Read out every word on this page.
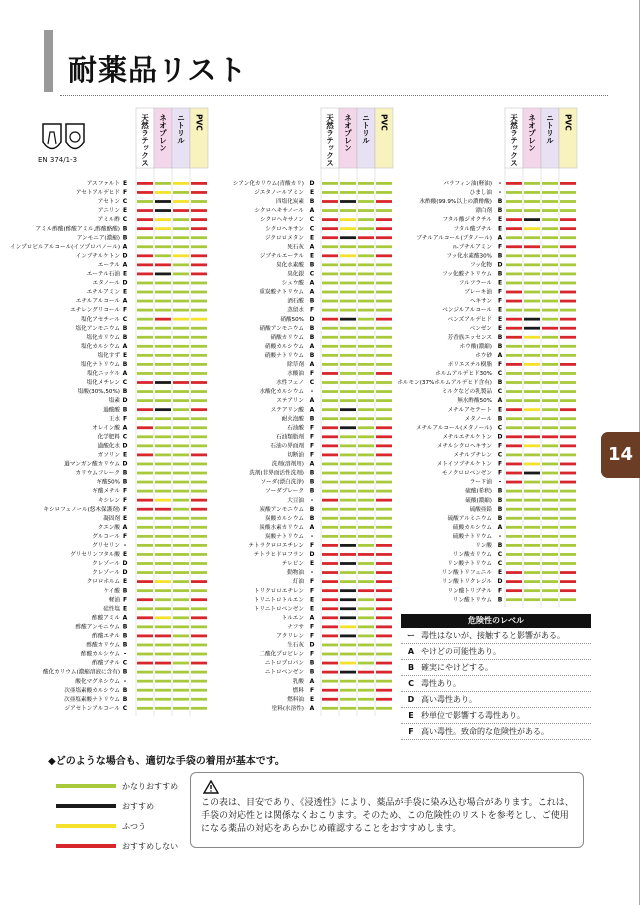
耐薬品リスト
EN 374/1-3	天然ラテックス ネオプレン ニトリル PVC
アスファルト E
アセトアルデヒド F
アセトン C
アニリン E
アミル酢 C
アミル酢酸(酢酸アミル,酢酸酪酸) B
アンモニア(濃縮) B
インプロピルアルコール(イソプロパノール) A
インブチルケトン D
エーテル A
エーテル石油 E
エタノール D
エチルアミン E
エチルアルコール A
エチレングリコール F
塩化アセチール C
塩化アンモニウム B
塩化カリウム B
塩化カルシウム A
塩化すず E
塩化ナトリウム B
塩化ニッケル A
塩化メチレン C
塩酸(30%,50%) B
塩素 D
過酸酸 B
王水 F
オレイン酸 A
化学肥料 C
過酸化水 D
ガソリン E
過マンガン酸カリウム D
カリウムフレーク B
ギ酸50% B
ギ酸メチル F
キシレン F
キシロフェノール(悠木保護剤) F
凝固剤 E
クエン酸 A
グルコール F
グリセリン -
グリセリンフタル酸 E
クレゾール D
クレゾール D
クロロホルム E
ケイ酸 B
軽油 F
硅性塩 E
酢酸アミル A
酢酸アンモニウム B
酢酸エチル B
酢酸カリウム B
酢酸カルシウム -
酢酸ブチル C
酸化カリウム(濃縮溶液に含有) B
酸化マグネシウム -
次亜塩素酸カルシウム B
次亜塩素酸ナトリウム B
ジアセトンアルコール C
天然ラテックス ネオプレン ニトリル PVC
シアン化カリウム(青酸カリ) D
ジエタノールアミン E
四塩化炭素 B
シクロヘキサノール A
シクロヘキサノン C
シクロヘキサン C
ジクロロメタン E
死石灰 A
ジブチルエーテル E
臭化水素酸 B
臭化銀 C
シュウ酸 A
重炭酸ナトリウム A
酒石酸 B
蒸留水 F
硝酸50% D
硝酸アンモニウム B
硝酸カリウム B
硝酸カルシウム A
硝酸ナトリウム B
除草剤 A
水酸油 F
水性フェノ C
水酸化カルシウム -
ステアリン A
ステアリン酸 A
耐火泡酸 B
石油酸 F
石油類脂剤 F
石油の界面剤 F
切断油 F
洗剤(溶剤用) A
洗剤(非界面活性洗剤) B
ソーダ(漂白洗浄) B
ソーダブレーク B
大豆油 -
炭酸アンモニウム B
炭酸カルシウム B
炭酸水素カリウム A
炭酸ナトリウム -
テトラクロロエチレン F
テトラヒドロフラン D
テレビン E
動物油 -
灯油 F
トリクロロエチレン F
トリニトロトルエン E
トリニトロベンゼン E
トルエン A
ナフサ F
アクリレン F
生石灰 D
二酸化プロピレン F
ニトロプロパン B
ニトロベンゼン B
乳酸 A
燃料 F
燃料油 E
塗料(水溶性) A
天然ラテックス ネオプレン ニトリル PVC
パラフィン油(軽油) -
ひまし油 -
氷酢酸(99.9%以上の濃酢酸) B
漂白剤 B
フタル酸ジオクチル E
フタル酸ブチル E
ブチルアルコール(ブタノール) A
n-ブチルアミン F
フッ化水素酸30% B
フッ化物 D
フッ化酸ナトリウム B
フルフラール E
ブレーキ油 F
ヘキサン F
ベンジルアルコール E
ベンズアルデヒド E
ベンゼン E
芳香族エッセンス B
ホウ酸(濃縮) B
ホウ砂 A
ポリエステル樹脂 F
ホルムアルデヒド30% C
ホルモン(37%ホルムアルデヒド含有) B
ミルクなどの乳製品 C
無水酢酸50% A
メチルアセテート E
メタノール B
メチルアルコール(メタノール) C
メチルエチルケトン D
メチルシクロヘキサン F
メチルブチレン C
メトイソブチルケトン F
モノクロロベンゼン F
ラード油 -
硫酸(希釈) B
硫酸(濃縮) B
硫酸亜鉛 B
硫酸アルミニウム B
硫酸カルシウム A
硫酸ナトリウム -
リン酸 B
リン酸カリウム C
リン酸ナトリウム C
リン酸トリフェニル E
リン酸トリクレジル D
リン酸トリブチル F
リン酸トリウム B
14
危険性のレベル
ー 毒性はないが、接触すると影響がある。
A やけどの可能性あり。
B 確実にやけどする。
C 毒性あり。
D 高い毒性あり。
E 秒単位で影響する毒性あり。
F 高い毒性。致命的な危険性がある。
◆どのような場合も、適切な手袋の着用が基本です。
かなりおすすめ
おすすめ
ふつう
おすすめしない
この表は、目安であり、《浸透性》により、薬品が手袋に染み込む場合があります。これは、手袋の対応性とは関係なくおこります。そのため、この危険性のリストを参考とし、ご使用になる薬品の対応をあらかじめ確認することをおすすめします。
